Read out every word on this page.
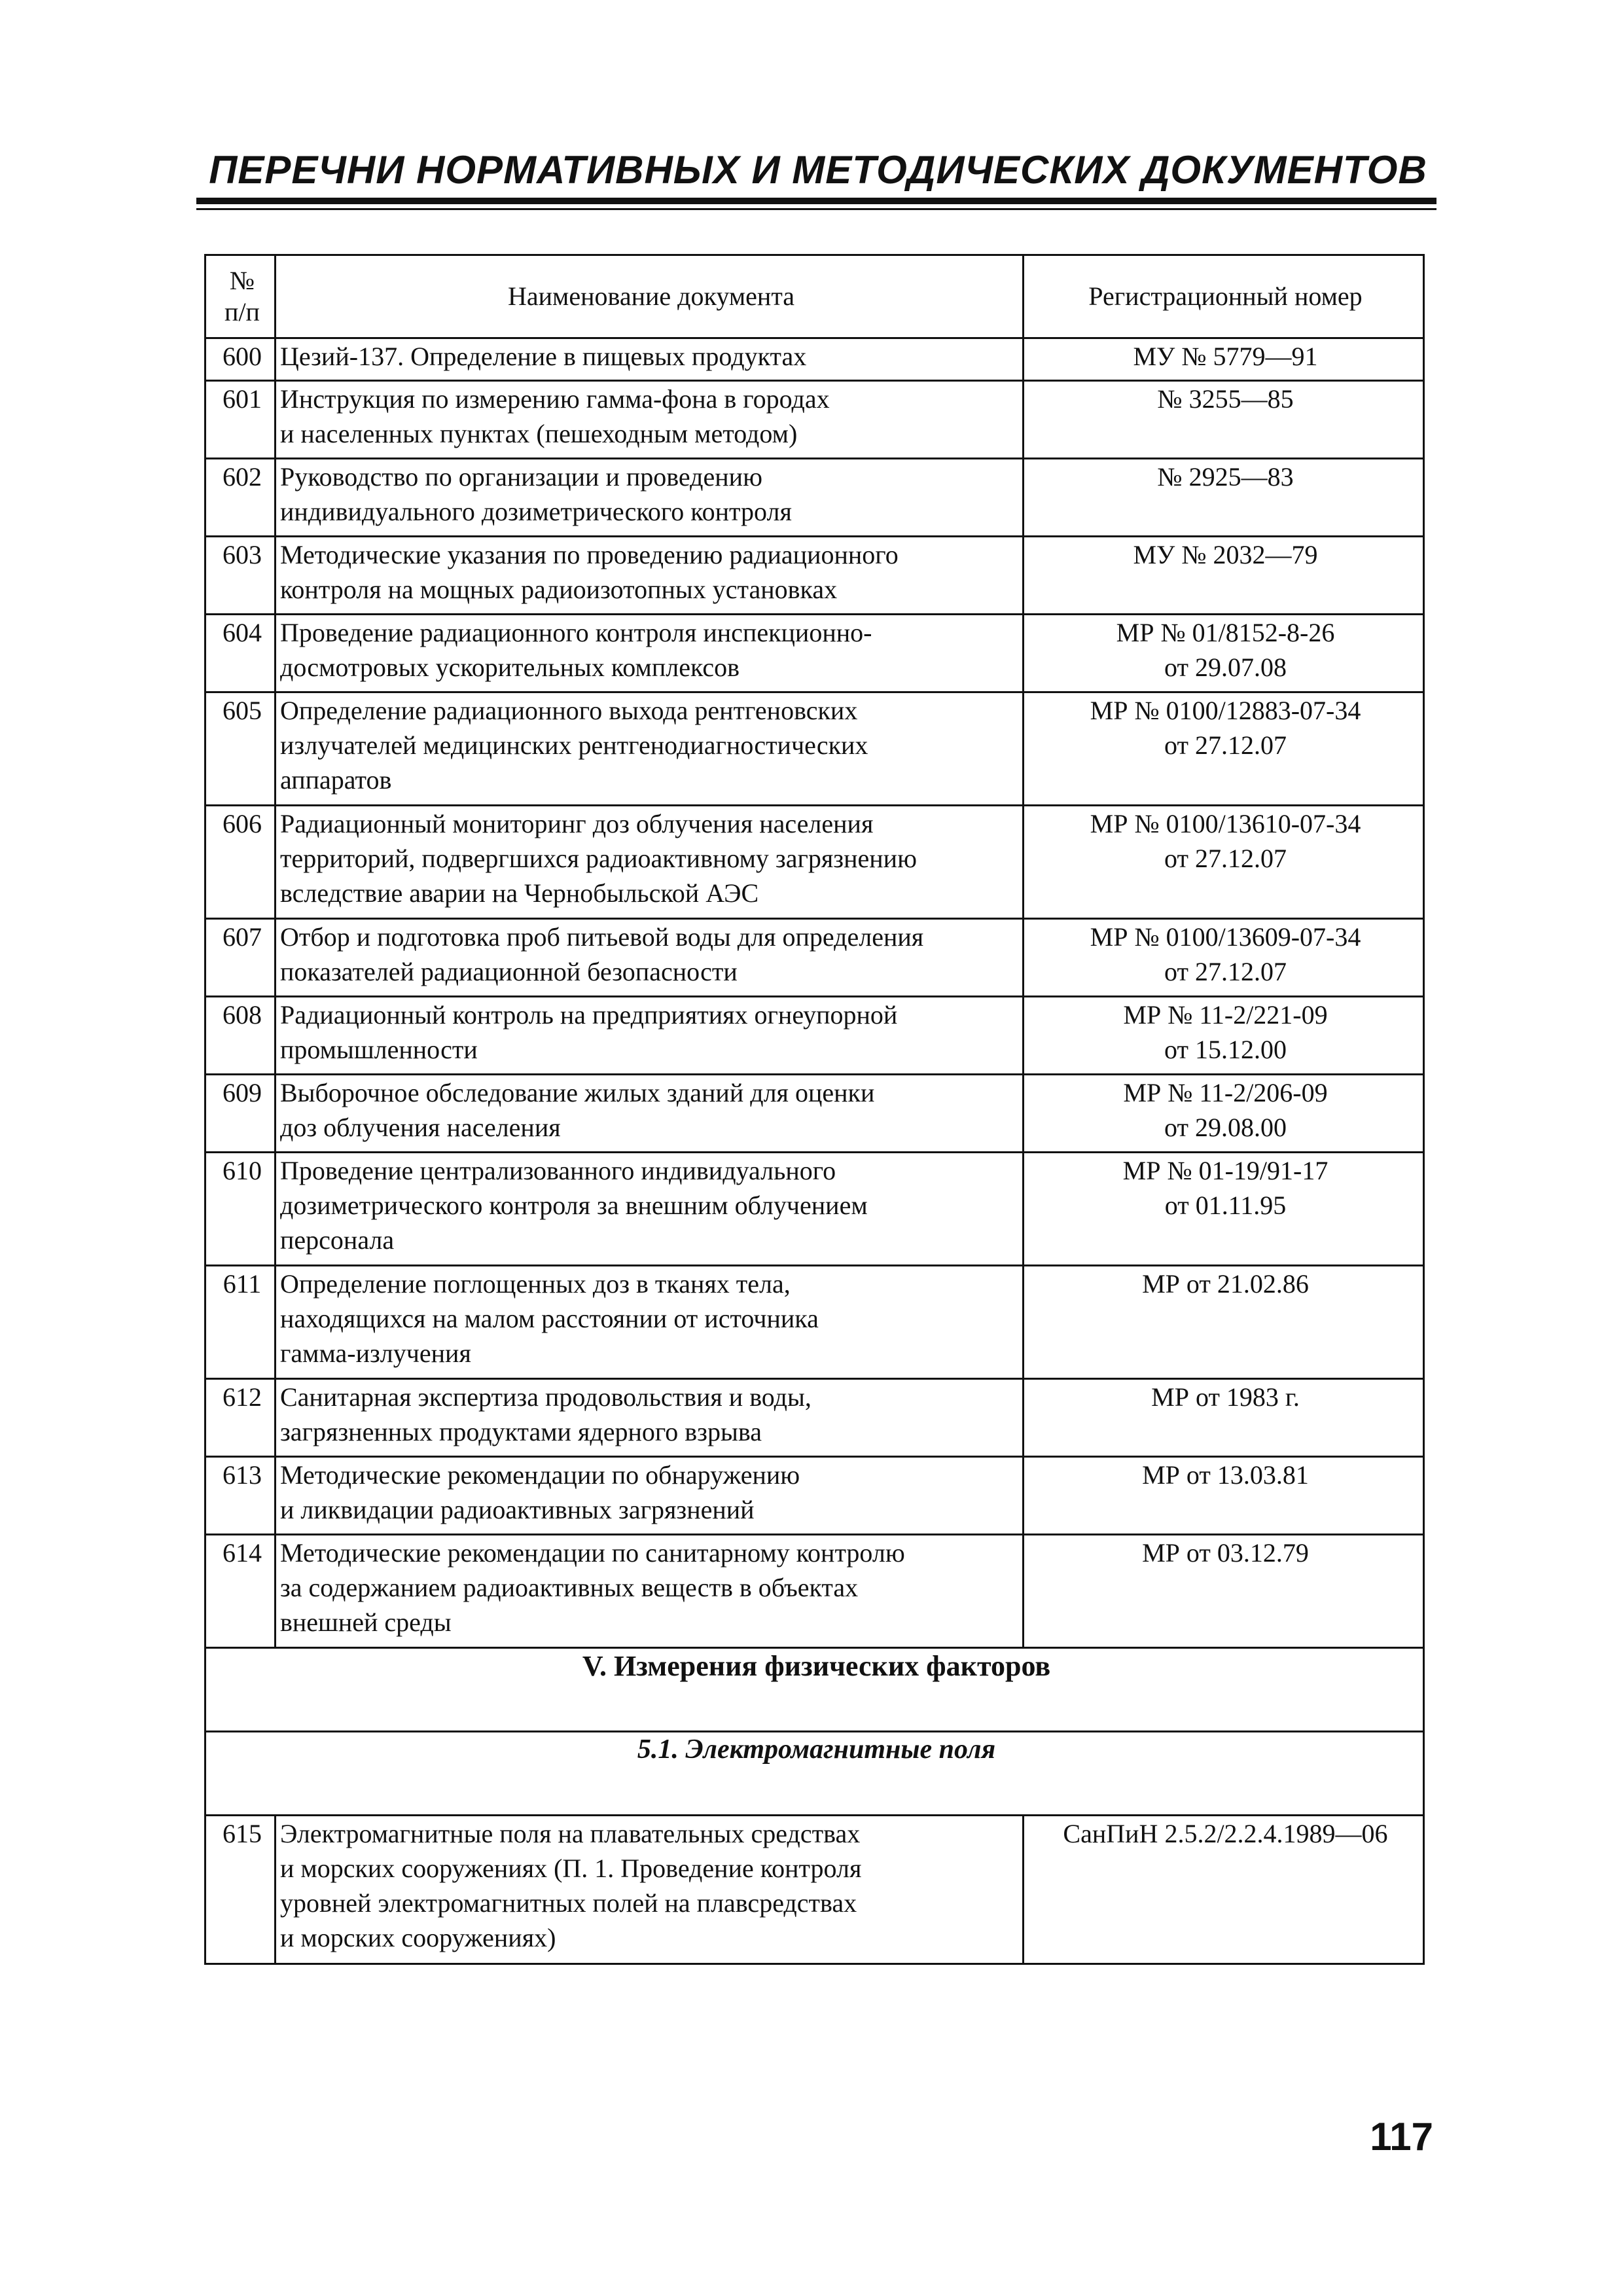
ПЕРЕЧНИ НОРМАТИВНЫХ И МЕТОДИЧЕСКИХ ДОКУМЕНТОВ
№
п/п	Наименование документа	Регистрационный номер
600	Цезий-137. Определение в пищевых продуктах	МУ № 5779—91
601	Инструкция по измерению гамма-фона в городах
и населенных пунктах (пешеходным методом)	№ 3255—85
602	Руководство по организации и проведению
индивидуального дозиметрического контроля	№ 2925—83
603	Методические указания по проведению радиационного
контроля на мощных радиоизотопных установках	МУ № 2032—79
604	Проведение радиационного контроля инспекционно-
досмотровых ускорительных комплексов	МР № 01/8152-8-26
от 29.07.08
605	Определение радиационного выхода рентгеновских
излучателей медицинских рентгенодиагностических
аппаратов	МР № 0100/12883-07-34
от 27.12.07
606	Радиационный мониторинг доз облучения населения
территорий, подвергшихся радиоактивному загрязнению
вследствие аварии на Чернобыльской АЭС	МР № 0100/13610-07-34
от 27.12.07
607	Отбор и подготовка проб питьевой воды для определения
показателей радиационной безопасности	МР № 0100/13609-07-34
от 27.12.07
608	Радиационный контроль на предприятиях огнеупорной
промышленности	МР № 11-2/221-09
от 15.12.00
609	Выборочное обследование жилых зданий для оценки
доз облучения населения	МР № 11-2/206-09
от 29.08.00
610	Проведение централизованного индивидуального
дозиметрического контроля за внешним облучением
персонала	МР № 01-19/91-17
от 01.11.95
611	Определение поглощенных доз в тканях тела,
находящихся на малом расстоянии от источника
гамма-излучения	МР от 21.02.86
612	Санитарная экспертиза продовольствия и воды,
загрязненных продуктами ядерного взрыва	МР от 1983 г.
613	Методические рекомендации по обнаружению
и ликвидации радиоактивных загрязнений	МР от 13.03.81
614	Методические рекомендации по санитарному контролю
за содержанием радиоактивных веществ в объектах
внешней среды	МР от 03.12.79
V. Измерения физических факторов		
5.1. Электромагнитные поля		
615	Электромагнитные поля на плавательных средствах
и морских сооружениях (П. 1. Проведение контроля
уровней электромагнитных полей на плавсредствах
и морских сооружениях)	СанПиН 2.5.2/2.2.4.1989—06
117
